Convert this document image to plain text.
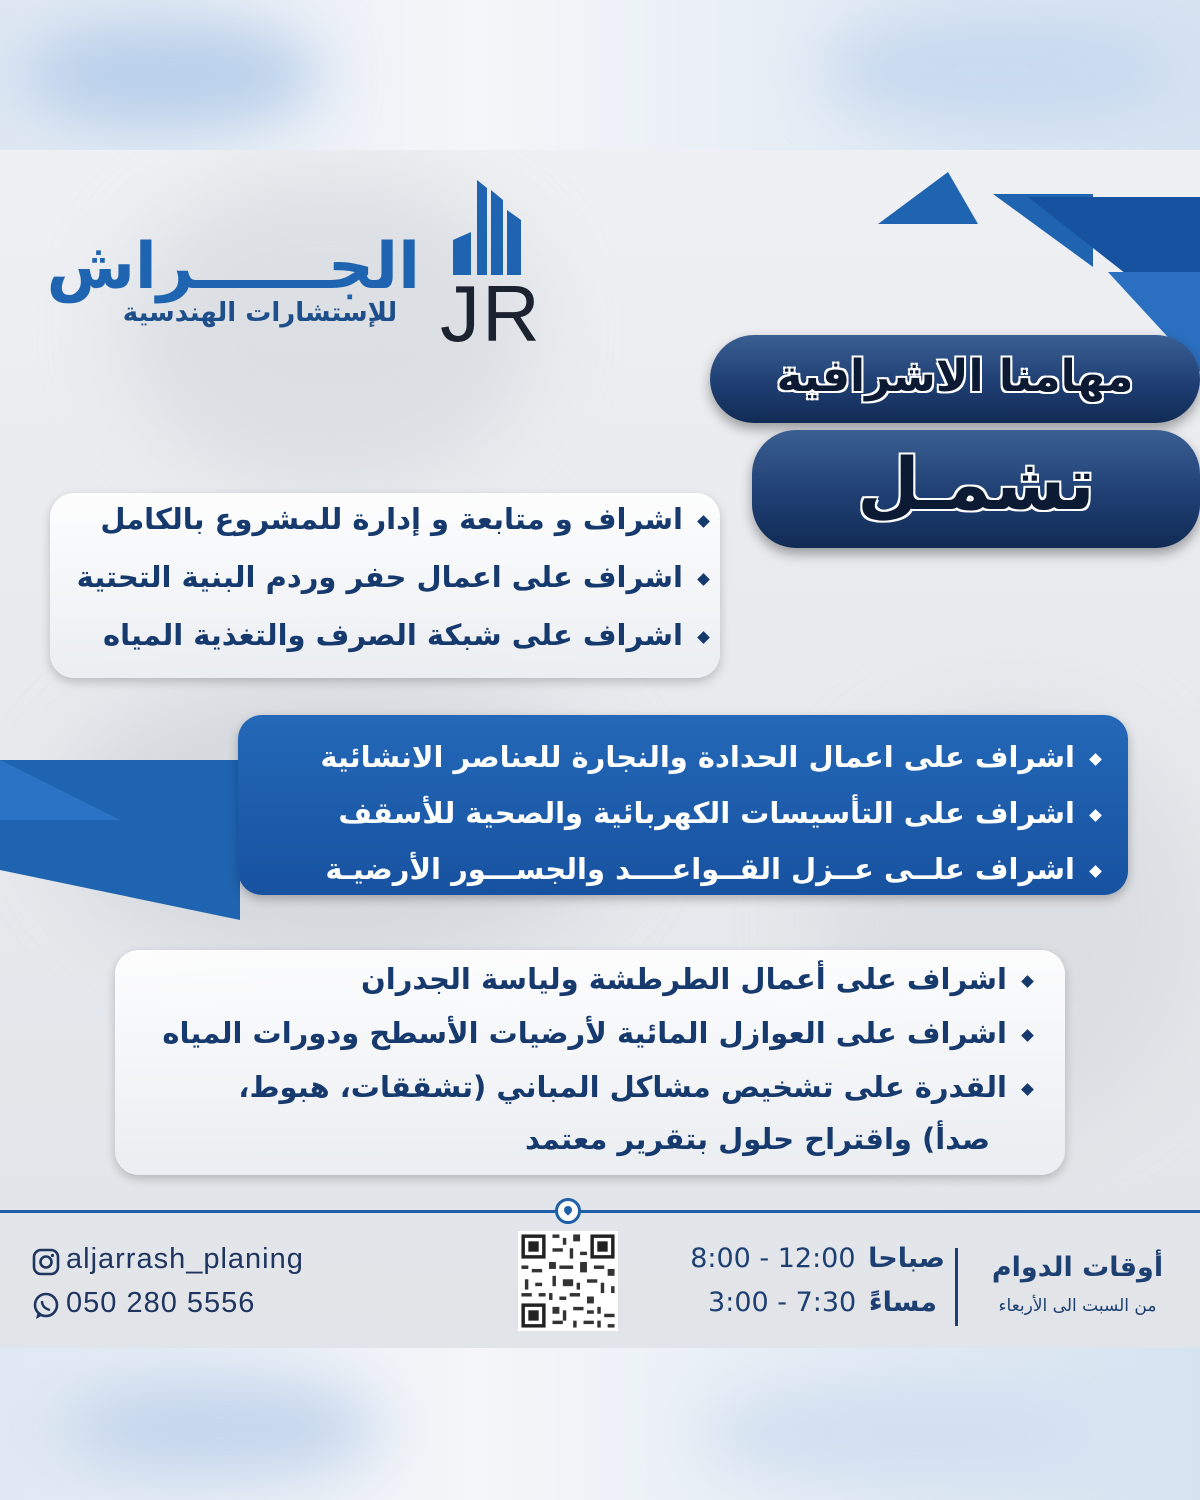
JR
الجــــــراش
للإستشارات الهندسية
مهامنا الاشرافية
تشمـل
اشراف و متابعة و إدارة للمشروع بالكامل
اشراف على اعمال حفر وردم البنية التحتية
اشراف على شبكة الصرف والتغذية المياه
اشراف على اعمال الحدادة والنجارة للعناصر الانشائية
اشراف على التأسيسات الكهربائية والصحية للأسقف
اشراف علــى عــزل القــواعــــد والجســـور الأرضيـة
اشراف على أعمال الطرطشة ولياسة الجدران
اشراف على العوازل المائية لأرضيات الأسطح ودورات المياه
القدرة على تشخيص مشاكل المباني (تشققات، هبوط،
صدأ) واقتراح حلول بتقرير معتمد
aljarrash_planing
050 280 5556
صباحا 8:00 - 12:00
مساءً 3:00 - 7:30
أوقات الدوام
من السبت الى الأربعاء
